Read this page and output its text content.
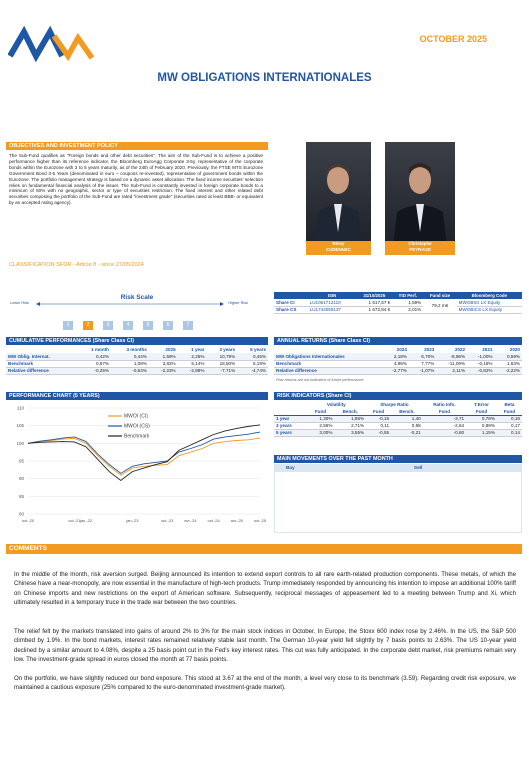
OCTOBER 2025
MW OBLIGATIONS INTERNATIONALES
OBJECTIVES AND INVESTMENT POLICY
The Sub-Fund qualifies as "Foreign bonds and other debt securities". The aim of the Sub-Fund is to achieve a positive performance higher than its reference indicator, the Bloomberg EuroAgg Corporate 3-5y, representative of the corporate bonds within the Eurozone with 3 to 5 years maturity, as of the 24th of February 2020. Previously, the FTSE MTS Eurozone Government Bond 3-5 Years (denominated in euro – coupons re-invested), representative of government bonds within the Eurozone. The portfolio management strategy is based on a dynamic asset allocation. The fixed income securities' selection relies on fundamental financial analysis of the issuer. The Sub-Fund is constantly invested in foreign corporate bonds to a minimum of 50% with no geographic, sector or type of securities restriction. The fixed interest and other related debt securities composing the portfolio of the Sub-Fund are rated "investment grade" (securities rated at least BBB- or equivalent by an accepted rating agency).
CLASSIFICATION SFDR - Article 8 - since 27/05/2024
Rémy
CUDENNEC
Christophe
PEYRAUD
Risk Scale
Lower Risk	Higher Risk
1	2	3	4	5	6	7
	ISIN	31/10/2025	YtD Perf.	Fund size	Bloomberg Code
Share CI	LU1061712110	1 617,57 €	1,59%	79,2 m€	MWOBICI LX Equity
Share CS	LU1744059137	1 672,84 €	2,01%		MWOBICS LX Equity
CUMULATIVE PERFORMANCES (Share Class CI)
	1 month	3 months	2025	1 year	3 years	5 years
MW Oblig. Internat.	0,42%	0,44%	1,59%	2,25%	10,79%	0,45%
Benchmark	0,67%	1,08%	3,82%	5,14%	18,50%	5,19%
Relative difference	-0,25%	-0,64%	-2,23%	-2,88%	-7,71%	-4,74%
ANNUAL RETURNS (Share Class CI)
	2024	2023	2022	2021	2020
MW Obligations Internationales	2,18%	6,70%	-8,96%	-1,00%	0,59%
Benchmark	4,95%	7,77%	-11,09%	-0,18%	1,63%
Relative difference	-2,77%	-1,07%	2,11%	-0,82%	-2,22%
Past returns are not indicative of future performance
PERFORMANCE CHART (5 YEARS)
80
85
90
95
100
105
110
oct.-20	oct.-21 jan.-22	jan.-23	oct.-23	avr.-24	oct.-24	avr.-25	oct.-25
MWOI (CI)
MWOI (CS)
Benchmark
RISK INDICATORS (Share CI)
	Volatility		Sharpe Ratio		Ratio Info.	T.Error	Beta
	Fund	Bench.	Fund	Bench.	Fund	Fund	Fund
1 year	1,30%	1,86%	-0,15	1,40	-3,71	0,78%	0,19
3 years	2,56%	2,71%	0,11	0,98	-2,64	0,89%	0,17
5 years	3,00%	3,55%	-0,55	-0,21	-0,80	1,15%	0,14
MAIN MOVEMENTS OVER THE PAST MONTH
Buy	Sell
COMMENTS
In the middle of the month, risk aversion surged. Beijing announced its intention to extend export controls to all rare earth-related production components. These metals, of which the Chinese have a near-monopoly, are now essential in the manufacture of high-tech products. Trump immediately responded by announcing his intention to impose an additional 100% tariff on Chinese imports and new restrictions on the export of American software. Subsequently, reciprocal messages of appeasement led to a meeting between Trump and Xi, which ultimately resulted in a temporary truce in the trade war between the two countries.
The relief felt by the markets translated into gains of around 2% to 3% for the main stock indices in October. In Europe, the Stoxx 600 index rose by 2.46%. In the US, the S&P 500 climbed by 1.9%. In the bond markets, interest rates remained relatively stable last month. The German 10-year yield fell slightly by 7 basis points to 2.63%. The US 10-year yield declined by a similar amount to 4.08%, despite a 25 basis point cut in the Fed's key interest rates. This cut was fully anticipated. In the corporate debt market, risk premiums remain very low. The investment-grade spread in euros closed the month at 77 basis points.
On the portfolio, we have slightly reduced our bond exposure. This stood at 3.67 at the end of the month, a level very close to its benchmark (3.59). Regarding credit risk exposure, we maintained a cautious exposure (25% compared to the euro-denominated investment-grade market).
